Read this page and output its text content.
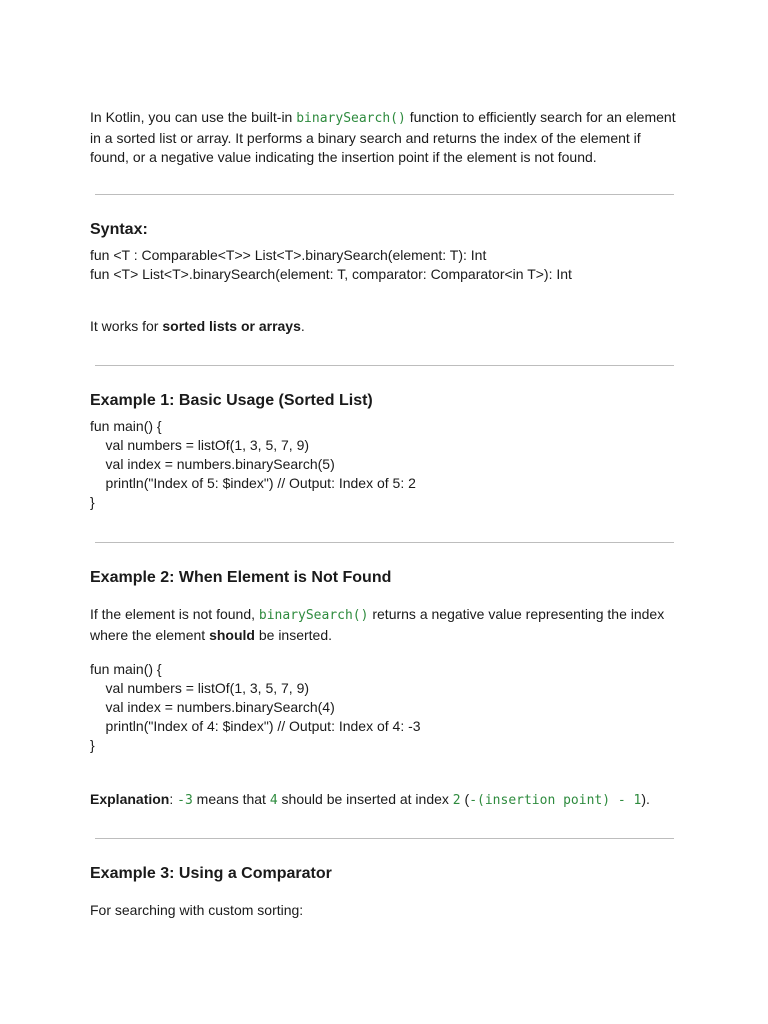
In Kotlin, you can use the built-in binarySearch() function to efficiently search for an element in a sorted list or array. It performs a binary search and returns the index of the element if found, or a negative value indicating the insertion point if the element is not found.

Syntax:
fun <T : Comparable<T>> List<T>.binarySearch(element: T): Int
fun <T> List<T>.binarySearch(element: T, comparator: Comparator<in T>): Int

It works for sorted lists or arrays.

Example 1: Basic Usage (Sorted List)
fun main() {
val numbers = listOf(1, 3, 5, 7, 9)
val index = numbers.binarySearch(5)
println("Index of 5: $index") // Output: Index of 5: 2
}
Example 2: When Element is Not Found

If the element is not found, binarySearch() returns a negative value representing the index where the element should be inserted.

fun main() {
val numbers = listOf(1, 3, 5, 7, 9)
val index = numbers.binarySearch(4)
println("Index of 4: $index") // Output: Index of 4: -3
}

Explanation: -3 means that 4 should be inserted at index 2 (-(insertion point) - 1).

Example 3: Using a Comparator

For searching with custom sorting:
